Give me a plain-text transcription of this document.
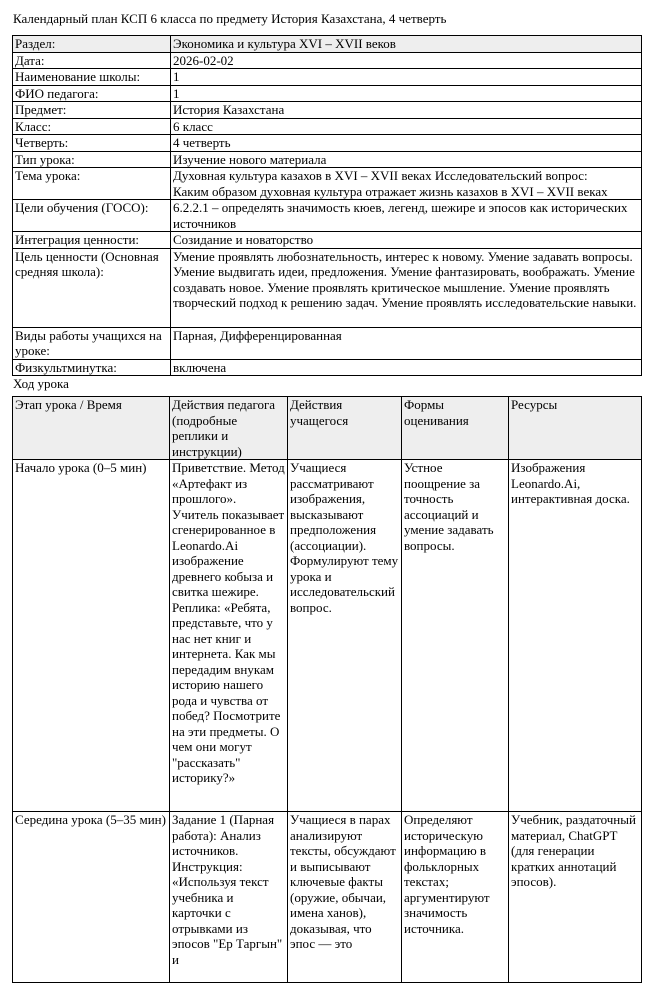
Календарный план КСП 6 класса по предмету История Казахстана, 4 четверть
Раздел:	Экономика и культура XVI – XVII веков
Дата:	2026-02-02
Наименование школы:	1
ФИО педагога:	1
Предмет:	История Казахстана
Класс:	6 класс
Четверть:	4 четверть
Тип урока:	Изучение нового материала
Тема урока:	Духовная культура казахов в XVI – XVII веках Исследовательский вопрос:
Каким образом духовная культура отражает жизнь казахов в XVI – XVII веках
Цели обучения (ГОСО):	6.2.2.1 – определять значимость кюев, легенд, шежире и эпосов как исторических источников
Интеграция ценности:	Созидание и новаторство
Цель ценности (Основная средняя школа):	Умение проявлять любознательность, интерес к новому. Умение задавать вопросы. Умение выдвигать идеи, предложения. Умение фантазировать, воображать. Умение создавать новое. Умение проявлять критическое мышление. Умение проявлять творческий подход к решению задач. Умение проявлять исследовательские навыки.
Виды работы учащихся на уроке:	Парная, Дифференцированная
Физкультминутка:	включена
Ход урока
Этап урока / Время	Действия педагога (подробные реплики и инструкции)	Действия учащегося	Формы оценивания	Ресурсы
Начало урока (0–5 мин)	Приветствие. Метод «Артефакт из прошлого». Учитель показывает сгенерированное в Leonardo.Ai изображение древнего кобыза и свитка шежире. Реплика: «Ребята, представьте, что у нас нет книг и интернета. Как мы передадим внукам историю нашего рода и чувства от побед? Посмотрите на эти предметы. О чем они могут "рассказать" историку?»	Учащиеся рассматривают изображения, высказывают предположения (ассоциации). Формулируют тему урока и исследовательский вопрос.	Устное поощрение за точность ассоциаций и умение задавать вопросы.	Изображения Leonardo.Ai, интерактивная доска.
Середина урока (5–35 мин)	Задание 1 (Парная работа): Анализ источников. Инструкция: «Используя текст учебника и карточки с отрывками из эпосов "Ер Таргын" и	Учащиеся в парах анализируют тексты, обсуждают и выписывают ключевые факты (оружие, обычаи, имена ханов), доказывая, что эпос — это	Определяют историческую информацию в фольклорных текстах; аргументируют значимость источника.	Учебник, раздаточный материал, ChatGPT (для генерации кратких аннотаций эпосов).
